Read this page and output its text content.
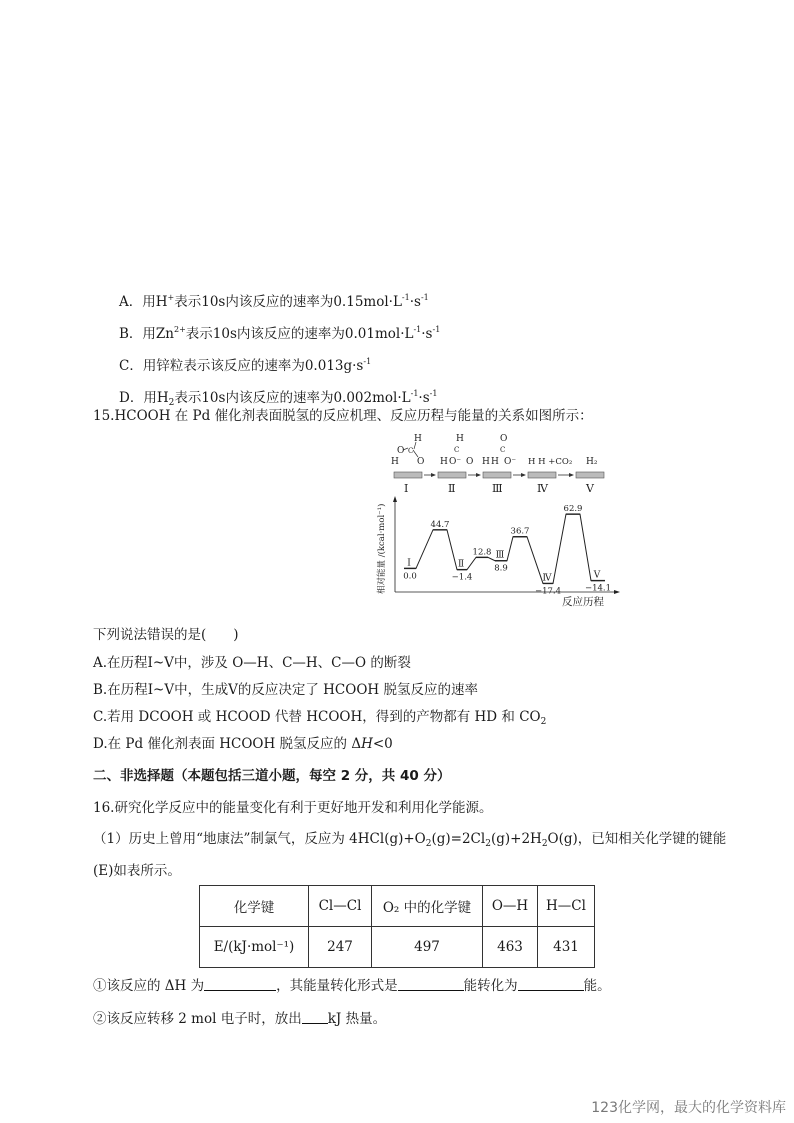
A．用H+表示10s内该反应的速率为$0.15mol\cdot L^{-1}\cdot s^{-1}$
B．用$Zn^{2+}$表示10s内该反应的速率为$0.01mol\cdot L^{-1}\cdot s^{-1}$
C．用锌粒表示该反应的速率为$0.013g\cdot s^{-1}$
D．用$H_2$表示10s内该反应的速率为$0.002mol\cdot L^{-1}\cdot s^{-1}$
15.HCOOH 在 Pd 催化剂表面脱氢的反应机理、反应历程与能量的关系如图所示：
H
O C
H O
H
C
H O⁻ O
O
C
H H O⁻ H H +CO₂ H₂
Ⅰ	Ⅱ	Ⅲ	Ⅳ	Ⅴ
相对能量 /(kcal·mol⁻¹)
反应历程
0.0
Ⅰ
44.7
−1.4
Ⅱ
12.8
8.9
Ⅲ
36.7
−17.4
Ⅳ
62.9
−14.1
Ⅴ
下列说法错误的是(　　)
A.在历程Ⅰ~Ⅴ中，涉及 O—H、C—H、C—O 的断裂
B.在历程Ⅰ~Ⅴ中，生成Ⅴ的反应决定了 HCOOH 脱氢反应的速率
C.若用 DCOOH 或 HCOOD 代替 HCOOH，得到的产物都有 HD 和 $CO_2$
D.在 Pd 催化剂表面 HCOOH 脱氢反应的 ΔH<0
二、非选择题（本题包括三道小题，每空 2 分，共 40 分）
16.研究化学反应中的能量变化有利于更好地开发和利用化学能源。
（1）历史上曾用“地康法”制氯气，反应为 $4HCl(g)+O_2(g)=2Cl_2(g)+2H_2O(g)$，已知相关化学键的键能
(E)如表所示。
化学键	Cl—Cl	O₂ 中的化学键	O—H	H—Cl
E/(kJ·mol⁻¹)	247	497	463	431
①该反应的 ΔH 为	，其能量转化形式是	能转化为	能。
②该反应转移 2 mol 电子时，放出 kJ 热量。
123化学网，最大的化学资料库
